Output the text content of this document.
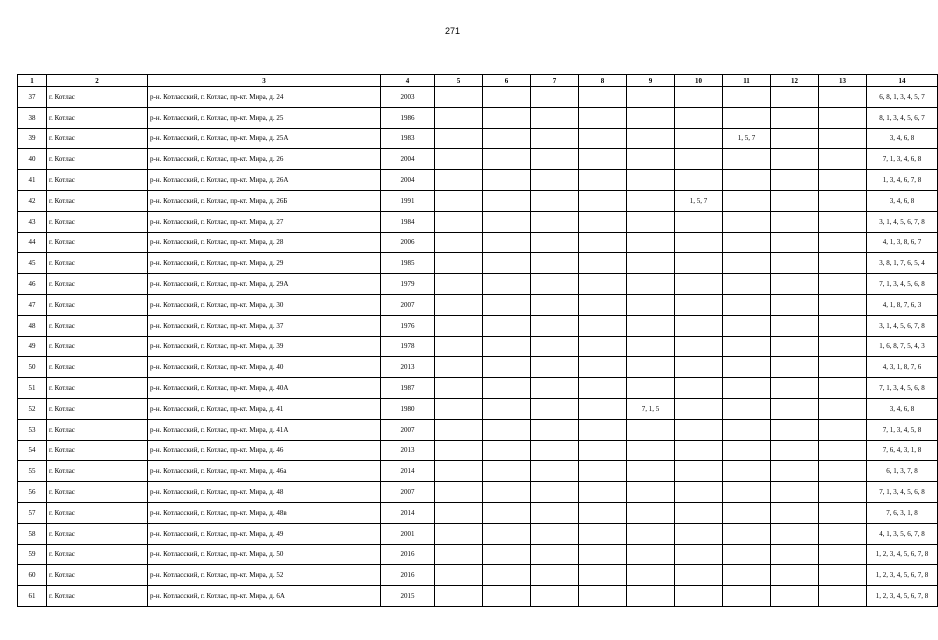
271
1	2	3	4	5	6	7	8	9	10	11	12	13	14
37	г. Котлас	р-н. Котласский, г. Котлас, пр-кт. Мира, д. 24	2003										6, 8, 1, 3, 4, 5, 7
38	г. Котлас	р-н. Котласский, г. Котлас, пр-кт. Мира, д. 25	1986										8, 1, 3, 4, 5, 6, 7
39	г. Котлас	р-н. Котласский, г. Котлас, пр-кт. Мира, д. 25А	1983							1, 5, 7			3, 4, 6, 8
40	г. Котлас	р-н. Котласский, г. Котлас, пр-кт. Мира, д. 26	2004										7, 1, 3, 4, 6, 8
41	г. Котлас	р-н. Котласский, г. Котлас, пр-кт. Мира, д. 26А	2004										1, 3, 4, 6, 7, 8
42	г. Котлас	р-н. Котласский, г. Котлас, пр-кт. Мира, д. 26Б	1991						1, 5, 7				3, 4, 6, 8
43	г. Котлас	р-н. Котласский, г. Котлас, пр-кт. Мира, д. 27	1984										3, 1, 4, 5, 6, 7, 8
44	г. Котлас	р-н. Котласский, г. Котлас, пр-кт. Мира, д. 28	2006										4, 1, 3, 8, 6, 7
45	г. Котлас	р-н. Котласский, г. Котлас, пр-кт. Мира, д. 29	1985										3, 8, 1, 7, 6, 5, 4
46	г. Котлас	р-н. Котласский, г. Котлас, пр-кт. Мира, д. 29А	1979										7, 1, 3, 4, 5, 6, 8
47	г. Котлас	р-н. Котласский, г. Котлас, пр-кт. Мира, д. 30	2007										4, 1, 8, 7, 6, 3
48	г. Котлас	р-н. Котласский, г. Котлас, пр-кт. Мира, д. 37	1976										3, 1, 4, 5, 6, 7, 8
49	г. Котлас	р-н. Котласский, г. Котлас, пр-кт. Мира, д. 39	1978										1, 6, 8, 7, 5, 4, 3
50	г. Котлас	р-н. Котласский, г. Котлас, пр-кт. Мира, д. 40	2013										4, 3, 1, 8, 7, 6
51	г. Котлас	р-н. Котласский, г. Котлас, пр-кт. Мира, д. 40А	1987										7, 1, 3, 4, 5, 6, 8
52	г. Котлас	р-н. Котласский, г. Котлас, пр-кт. Мира, д. 41	1980					7, 1, 5					3, 4, 6, 8
53	г. Котлас	р-н. Котласский, г. Котлас, пр-кт. Мира, д. 41А	2007										7, 1, 3, 4, 5, 8
54	г. Котлас	р-н. Котласский, г. Котлас, пр-кт. Мира, д. 46	2013										7, 6, 4, 3, 1, 8
55	г. Котлас	р-н. Котласский, г. Котлас, пр-кт. Мира, д. 46а	2014										6, 1, 3, 7, 8
56	г. Котлас	р-н. Котласский, г. Котлас, пр-кт. Мира, д. 48	2007										7, 1, 3, 4, 5, 6, 8
57	г. Котлас	р-н. Котласский, г. Котлас, пр-кт. Мира, д. 48в	2014										7, 6, 3, 1, 8
58	г. Котлас	р-н. Котласский, г. Котлас, пр-кт. Мира, д. 49	2001										4, 1, 3, 5, 6, 7, 8
59	г. Котлас	р-н. Котласский, г. Котлас, пр-кт. Мира, д. 50	2016										1, 2, 3, 4, 5, 6, 7, 8
60	г. Котлас	р-н. Котласский, г. Котлас, пр-кт. Мира, д. 52	2016										1, 2, 3, 4, 5, 6, 7, 8
61	г. Котлас	р-н. Котласский, г. Котлас, пр-кт. Мира, д. 6А	2015										1, 2, 3, 4, 5, 6, 7, 8
